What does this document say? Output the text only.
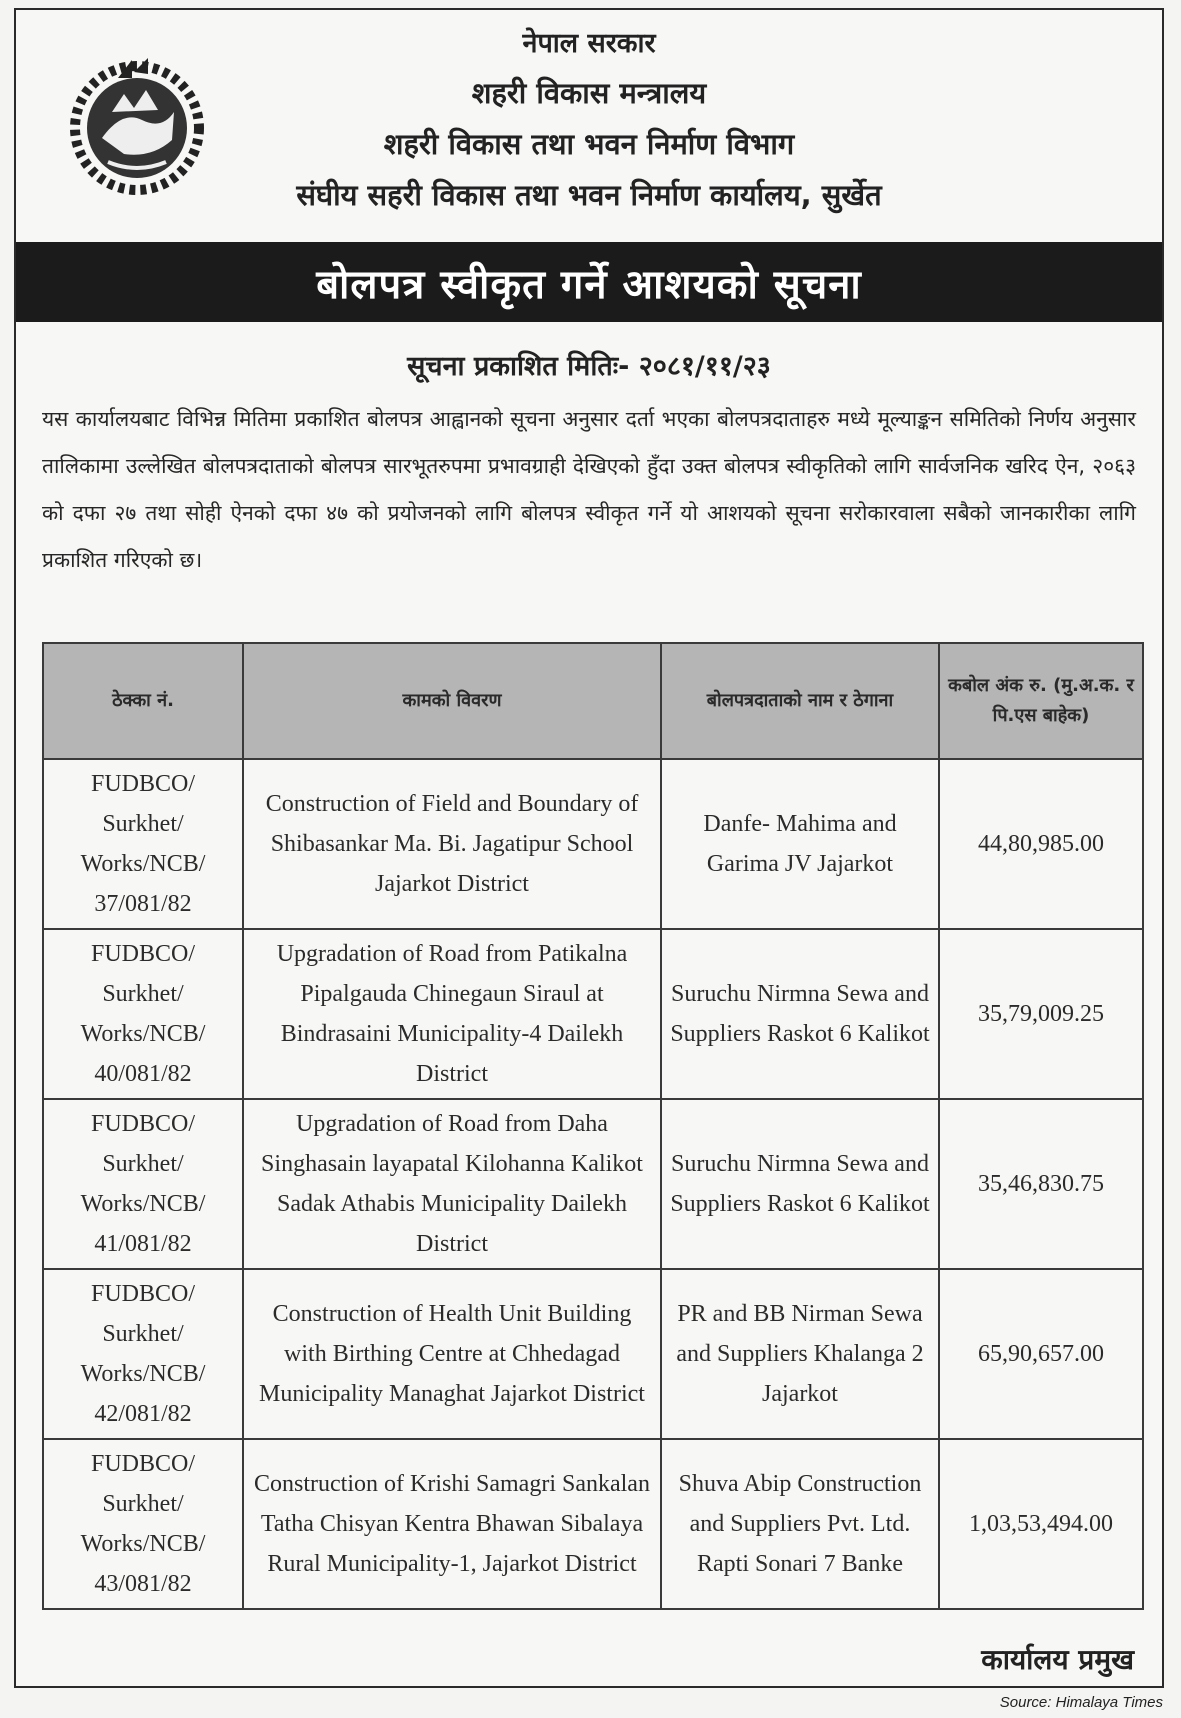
नेपाल सरकार
शहरी विकास मन्त्रालय
शहरी विकास तथा भवन निर्माण विभाग
संघीय सहरी विकास तथा भवन निर्माण कार्यालय, सुर्खेत
बोलपत्र स्वीकृत गर्ने आशयको सूचना
सूचना प्रकाशित मितिः- २०८१/११/२३
यस कार्यालयबाट विभिन्न मितिमा प्रकाशित बोलपत्र आह्वानको सूचना अनुसार दर्ता भएका बोलपत्रदाताहरु मध्ये मूल्याङ्कन समितिको निर्णय अनुसार तालिकामा उल्लेखित बोलपत्रदाताको बोलपत्र सारभूतरुपमा प्रभावग्राही देखिएको हुँदा उक्त बोलपत्र स्वीकृतिको लागि सार्वजनिक खरिद ऐन, २०६३ को दफा २७ तथा सोही ऐनको दफा ४७ को प्रयोजनको लागि बोलपत्र स्वीकृत गर्ने यो आशयको सूचना सरोकारवाला सबैको जानकारीका लागि प्रकाशित गरिएको छ।
ठेक्का नं.	कामको विवरण	बोलपत्रदाताको नाम र ठेगाना	कबोल अंक रु. (मु.अ.क. र पि.एस बाहेक)
FUDBCO/ Surkhet/ Works/NCB/ 37/081/82	Construction of Field and Boundary of Shibasankar Ma. Bi. Jagatipur School Jajarkot District	Danfe- Mahima and Garima JV Jajarkot	44,80,985.00
FUDBCO/ Surkhet/ Works/NCB/ 40/081/82	Upgradation of Road from Patikalna Pipalgauda Chinegaun Siraul at Bindrasaini Municipality-4 Dailekh District	Suruchu Nirmna Sewa and Suppliers Raskot 6 Kalikot	35,79,009.25
FUDBCO/ Surkhet/ Works/NCB/ 41/081/82	Upgradation of Road from Daha Singhasain layapatal Kilohanna Kalikot Sadak Athabis Municipality Dailekh District	Suruchu Nirmna Sewa and Suppliers Raskot 6 Kalikot	35,46,830.75
FUDBCO/ Surkhet/ Works/NCB/ 42/081/82	Construction of Health Unit Building with Birthing Centre at Chhedagad Municipality Managhat Jajarkot District	PR and BB Nirman Sewa and Suppliers Khalanga 2 Jajarkot	65,90,657.00
FUDBCO/ Surkhet/ Works/NCB/ 43/081/82	Construction of Krishi Samagri Sankalan Tatha Chisyan Kentra Bhawan Sibalaya Rural Municipality-1, Jajarkot District	Shuva Abip Construction and Suppliers Pvt. Ltd. Rapti Sonari 7 Banke	1,03,53,494.00
कार्यालय प्रमुख
Source: Himalaya Times
